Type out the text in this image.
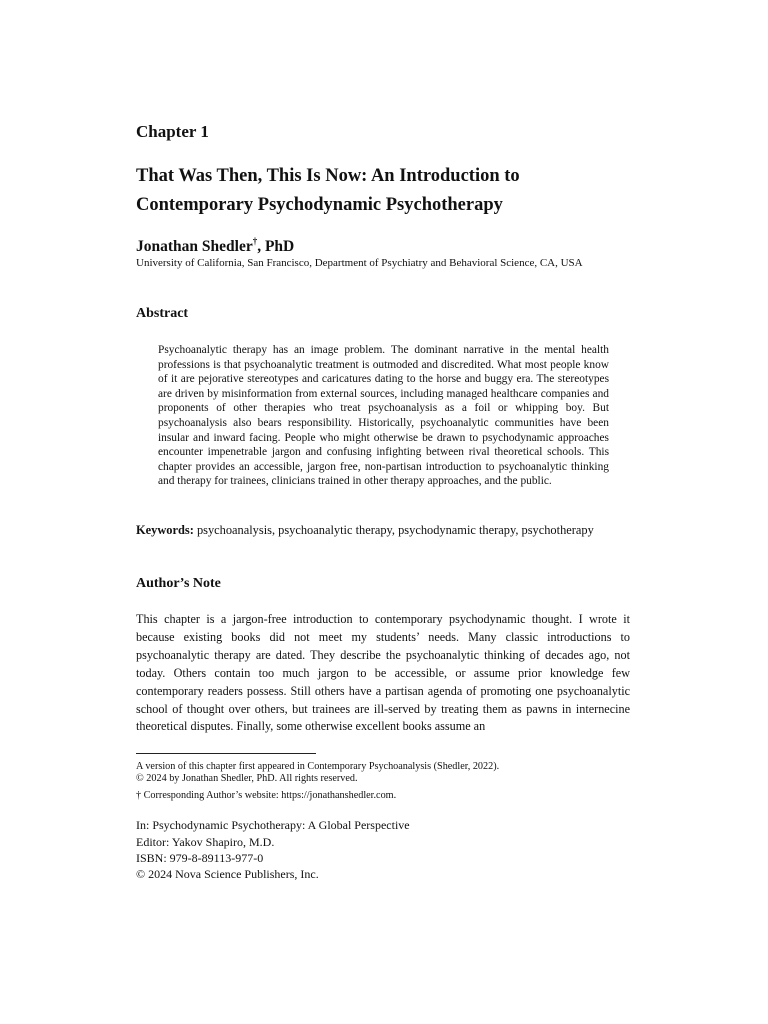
Chapter 1
That Was Then, This Is Now: An Introduction to Contemporary Psychodynamic Psychotherapy
Jonathan Shedler†, PhD
University of California, San Francisco, Department of Psychiatry and Behavioral Science, CA, USA
Abstract

Psychoanalytic therapy has an image problem. The dominant narrative in the mental health professions is that psychoanalytic treatment is outmoded and discredited. What most people know of it are pejorative stereotypes and caricatures dating to the horse and buggy era. The stereotypes are driven by misinformation from external sources, including managed healthcare companies and proponents of other therapies who treat psychoanalysis as a foil or whipping boy. But psychoanalysis also bears responsibility. Historically, psychoanalytic communities have been insular and inward facing. People who might otherwise be drawn to psychodynamic approaches encounter impenetrable jargon and confusing infighting between rival theoretical schools. This chapter provides an accessible, jargon free, non-partisan introduction to psychoanalytic thinking and therapy for trainees, clinicians trained in other therapy approaches, and the public.

Keywords: psychoanalysis, psychoanalytic therapy, psychodynamic therapy, psychotherapy
Author’s Note

This chapter is a jargon-free introduction to contemporary psychodynamic thought. I wrote it because existing books did not meet my students’ needs. Many classic introductions to psychoanalytic therapy are dated. They describe the psychoanalytic thinking of decades ago, not today. Others contain too much jargon to be accessible, or assume prior knowledge few contemporary readers possess. Still others have a partisan agenda of promoting one psychoanalytic school of thought over others, but trainees are ill-served by treating them as pawns in internecine theoretical disputes. Finally, some otherwise excellent books assume an

A version of this chapter first appeared in Contemporary Psychoanalysis (Shedler, 2022).
© 2024 by Jonathan Shedler, PhD. All rights reserved.
† Corresponding Author’s website: https://jonathanshedler.com.
In: Psychodynamic Psychotherapy: A Global Perspective
Editor: Yakov Shapiro, M.D.
ISBN: 979-8-89113-977-0
© 2024 Nova Science Publishers, Inc.
